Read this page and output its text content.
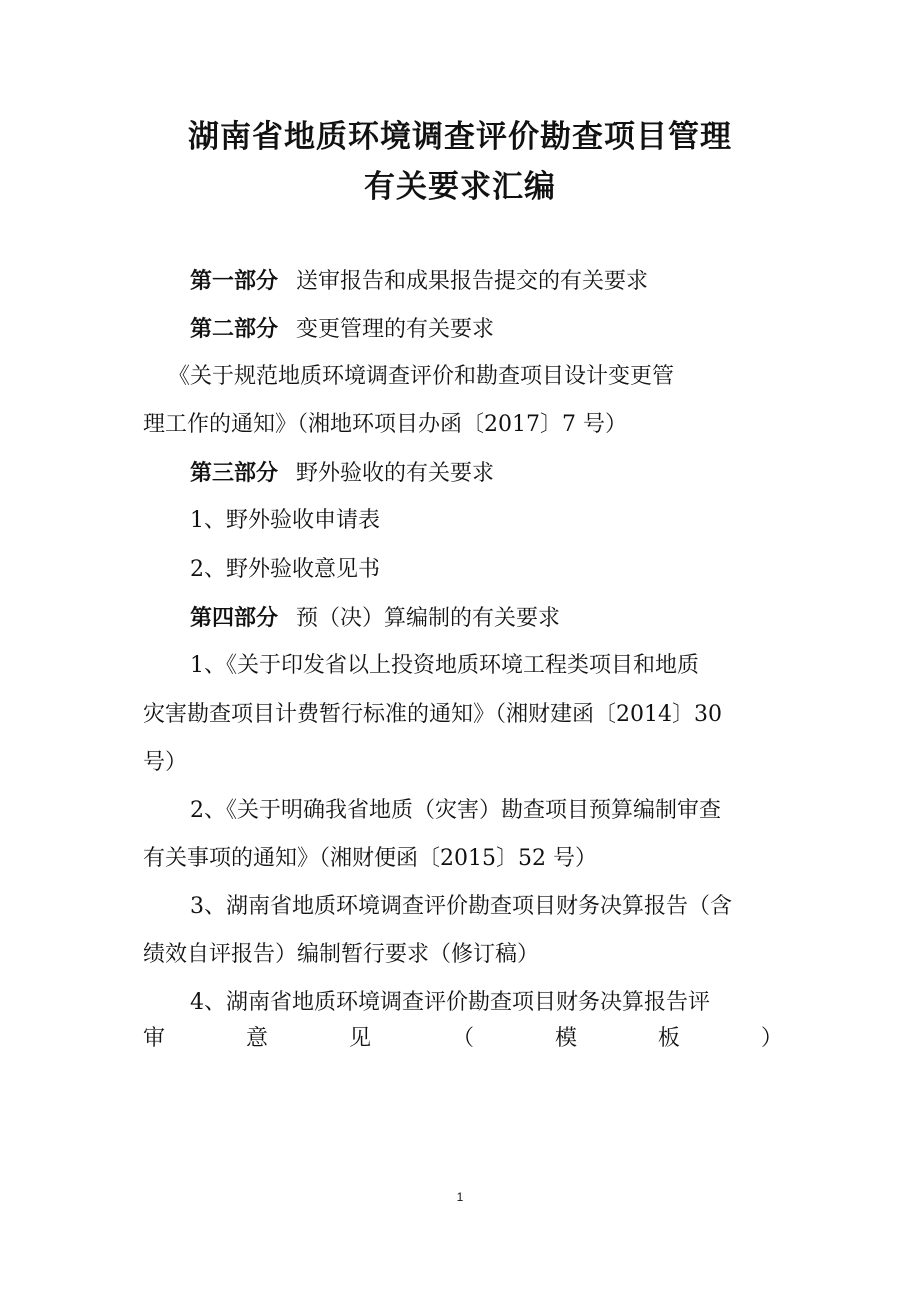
湖南省地质环境调查评价勘查项目管理
有关要求汇编
第一部分 送审报告和成果报告提交的有关要求
第二部分 变更管理的有关要求
《关于规范地质环境调查评价和勘查项目设计变更管
理工作的通知》（湘地环项目办函〔2017〕7 号）
第三部分 野外验收的有关要求
1、野外验收申请表
2、野外验收意见书
第四部分 预（决）算编制的有关要求
1、《关于印发省以上投资地质环境工程类项目和地质
灾害勘查项目计费暂行标准的通知》（湘财建函〔2014〕30
号）
2、《关于明确我省地质（灾害）勘查项目预算编制审查
有关事项的通知》（湘财便函〔2015〕52 号）
3、湖南省地质环境调查评价勘查项目财务决算报告（含
绩效自评报告）编制暂行要求（修订稿）
4、湖南省地质环境调查评价勘查项目财务决算报告评
审	意	见	（	模	板	）
1
